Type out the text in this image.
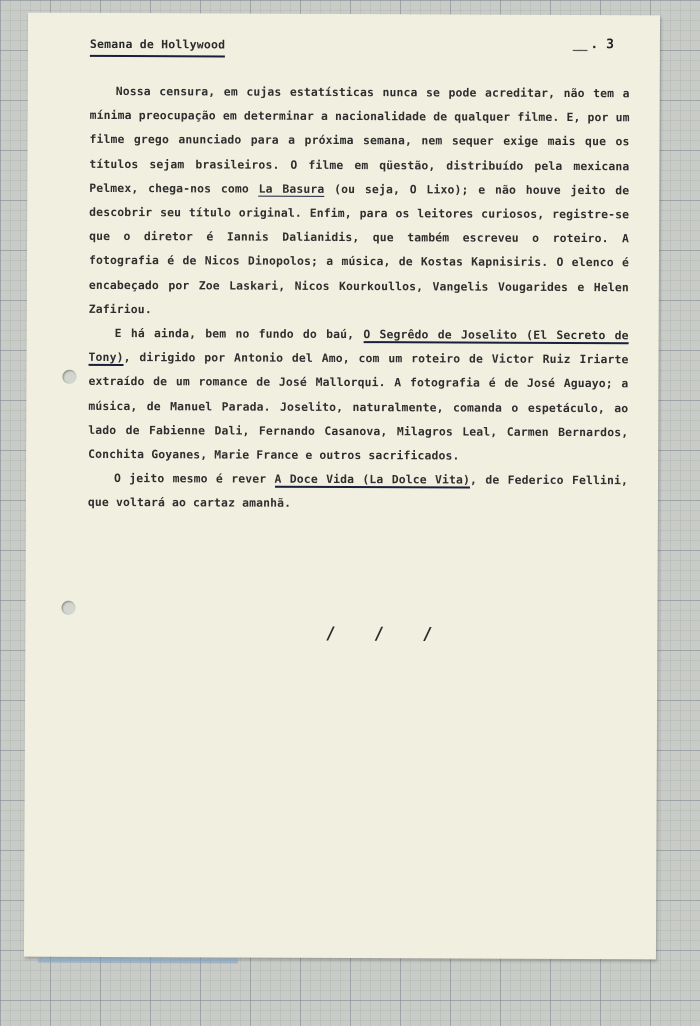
Semana de Hollywood	__ . 3

Nossa censura, em cujas estatísticas nunca se pode acreditar, não tem a mínima preocupação em determinar a nacionalidade de qualquer filme. E, por um filme grego anunciado para a próxima semana, nem sequer exige mais que os títulos sejam brasileiros. O filme em qüestão, distribuído pela mexicana Pelmex, chega-nos como La Basura (ou seja, O Lixo); e não houve jeito de descobrir seu título original. Enfim, para os leitores curiosos, registre-se que o diretor é Iannis Dalianidis, que também escreveu o roteiro. A fotografia é de Nicos Dinopolos; a música, de Kostas Kapnisiris. O elenco é encabeçado por Zoe Laskari, Nicos Kourkoullos, Vangelis Vougarides e Helen Zafiriou.

E há ainda, bem no fundo do baú, O Segrêdo de Joselito (El Secreto de Tony), dirigido por Antonio del Amo, com um roteiro de Victor Ruiz Iriarte extraído de um romance de José Mallorqui. A fotografia é de José Aguayo; a música, de Manuel Parada. Joselito, naturalmente, comanda o espetáculo, ao lado de Fabienne Dali, Fernando Casanova, Milagros Leal, Carmen Bernardos, Conchita Goyanes, Marie France e outros sacrificados.

O jeito mesmo é rever A Doce Vida (La Dolce Vita), de Federico Fellini, que voltará ao cartaz amanhã.

/ / /
